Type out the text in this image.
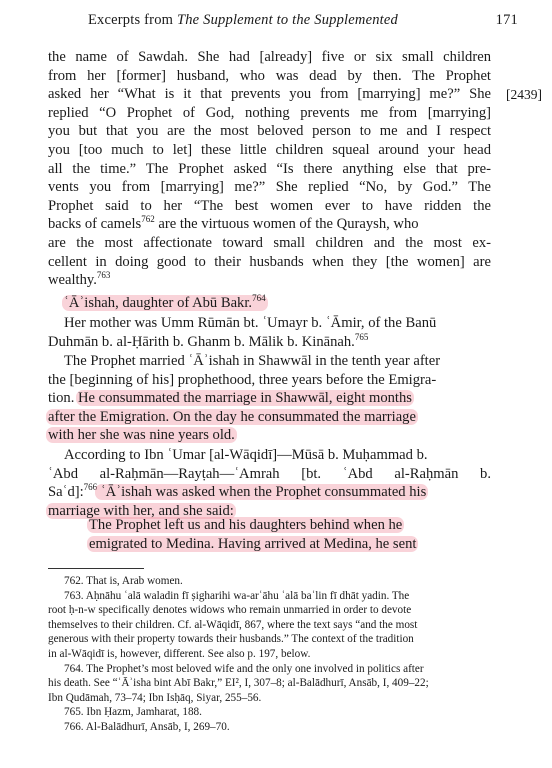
Excerpts from The Supplement to the Supplemented	171
[2439]
the name of Sawdah. She had [already] five or six small children
from her [former] husband, who was dead by then. The Prophet
asked her “What is it that prevents you from [marrying] me?” She
replied “O Prophet of God, nothing prevents me from [marrying]
you but that you are the most beloved person to me and I respect
you [too much to let] these little children squeal around your head
all the time.” The Prophet asked “Is there anything else that pre-
vents you from [marrying] me?” She replied “No, by God.” The
Prophet said to her “The best women ever to have ridden the
backs of camels$^{762}$ are the virtuous women of the Quraysh, who
are the most affectionate toward small children and the most ex-
cellent in doing good to their husbands when they [the women] are
wealthy.$^{763}$
ʿĀʾishah, daughter of Abū Bakr.$^{764}$
Her mother was Umm Rūmān bt. ʿUmayr b. ʿĀmir, of the Banū
Duhmān b. al-Ḥārith b. Ghanm b. Mālik b. Kinānah.$^{765}$
The Prophet married ʿĀʾishah in Shawwāl in the tenth year after
the [beginning of his] prophethood, three years before the Emigra-
tion. He consummated the marriage in Shawwāl, eight months
after the Emigration. On the day he consummated the marriage
with her she was nine years old.
According to Ibn ʿUmar [al-Wāqidī]—Mūsā b. Muḥammad b.
ʿAbd al-Raḥmān—Rayṭah—ʿAmrah [bt. ʿAbd al-Raḥmān b.
Saʿd]:$^{766}$ ʿĀʾishah was asked when the Prophet consummated his
marriage with her, and she said:
The Prophet left us and his daughters behind when he
emigrated to Medina. Having arrived at Medina, he sent
762. That is, Arab women.
763. Aḥnāhu ʿalā waladin fī ṣigharihi wa-arʿāhu ʿalā baʿlin fī dhāt yadin. The
root ḥ-n-w specifically denotes widows who remain unmarried in order to devote
themselves to their children. Cf. al-Wāqidī, 867, where the text says “and the most
generous with their property towards their husbands.” The context of the tradition
in al-Wāqidī is, however, different. See also p. 197, below.
764. The Prophet’s most beloved wife and the only one involved in politics after
his death. See “ʿĀʾisha bint Abī Bakr,” EI², I, 307–8; al-Balādhurī, Ansāb, I, 409–22;
Ibn Qudāmah, 73–74; Ibn Isḥāq, Siyar, 255–56.
765. Ibn Ḥazm, Jamharat, 188.
766. Al-Balādhurī, Ansāb, I, 269–70.
